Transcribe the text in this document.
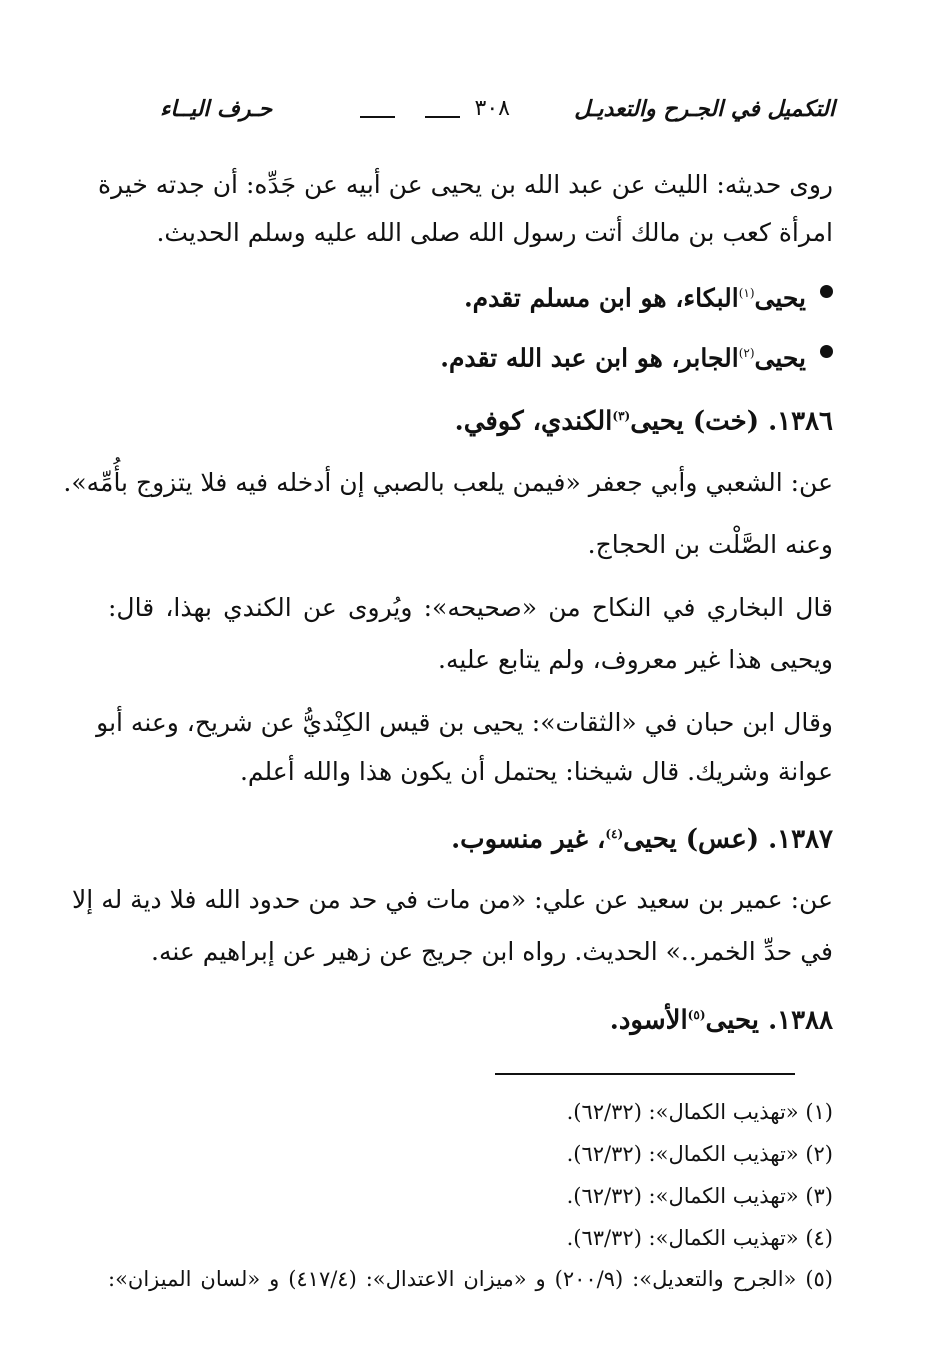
التكميل في الجـرح والتعديـل
٣٠٨
حـرف اليــاء
روى حديثه: الليث عن عبد الله بن يحيى عن أبيه عن جَدِّه: أن جدته خيرة
امرأة كعب بن مالك أتت رسول الله صلى الله عليه وسلم الحديث.
يحيى$^{(١)}$البكاء، هو ابن مسلم تقدم.
يحيى$^{(٢)}$الجابر، هو ابن عبد الله تقدم.
١٣٨٦. (خت) يحيى$^{(٣)}$الكندي، كوفي.
عن: الشعبي وأبي جعفر «فيمن يلعب بالصبي إن أدخله فيه فلا يتزوج بأُمِّه».
وعنه الصَّلْت بن الحجاج.
قال البخاري في النكاح من «صحيحه»: ويُروى عن الكندي بهذا، قال:
ويحيى هذا غير معروف، ولم يتابع عليه.
وقال ابن حبان في «الثقات»: يحيى بن قيس الكِنْديُّ عن شريح، وعنه أبو
عوانة وشريك. قال شيخنا: يحتمل أن يكون هذا والله أعلم.
١٣٨٧. (عس) يحيى$^{(٤)}$، غير منسوب.
عن: عمير بن سعيد عن علي: «من مات في حد من حدود الله فلا دية له إلا
في حدِّ الخمر..» الحديث. رواه ابن جريج عن زهير عن إبراهيم عنه.
١٣٨٨. يحيى$^{(٥)}$الأسود.
(١) «تهذيب الكمال»: (٦٢/٣٢).
(٢) «تهذيب الكمال»: (٦٢/٣٢).
(٣) «تهذيب الكمال»: (٦٢/٣٢).
(٤) «تهذيب الكمال»: (٦٣/٣٢).
(٥) «الجرح والتعديل»: (٢٠٠/٩) و «ميزان الاعتدال»: (٤١٧/٤) و «لسان الميزان»:
